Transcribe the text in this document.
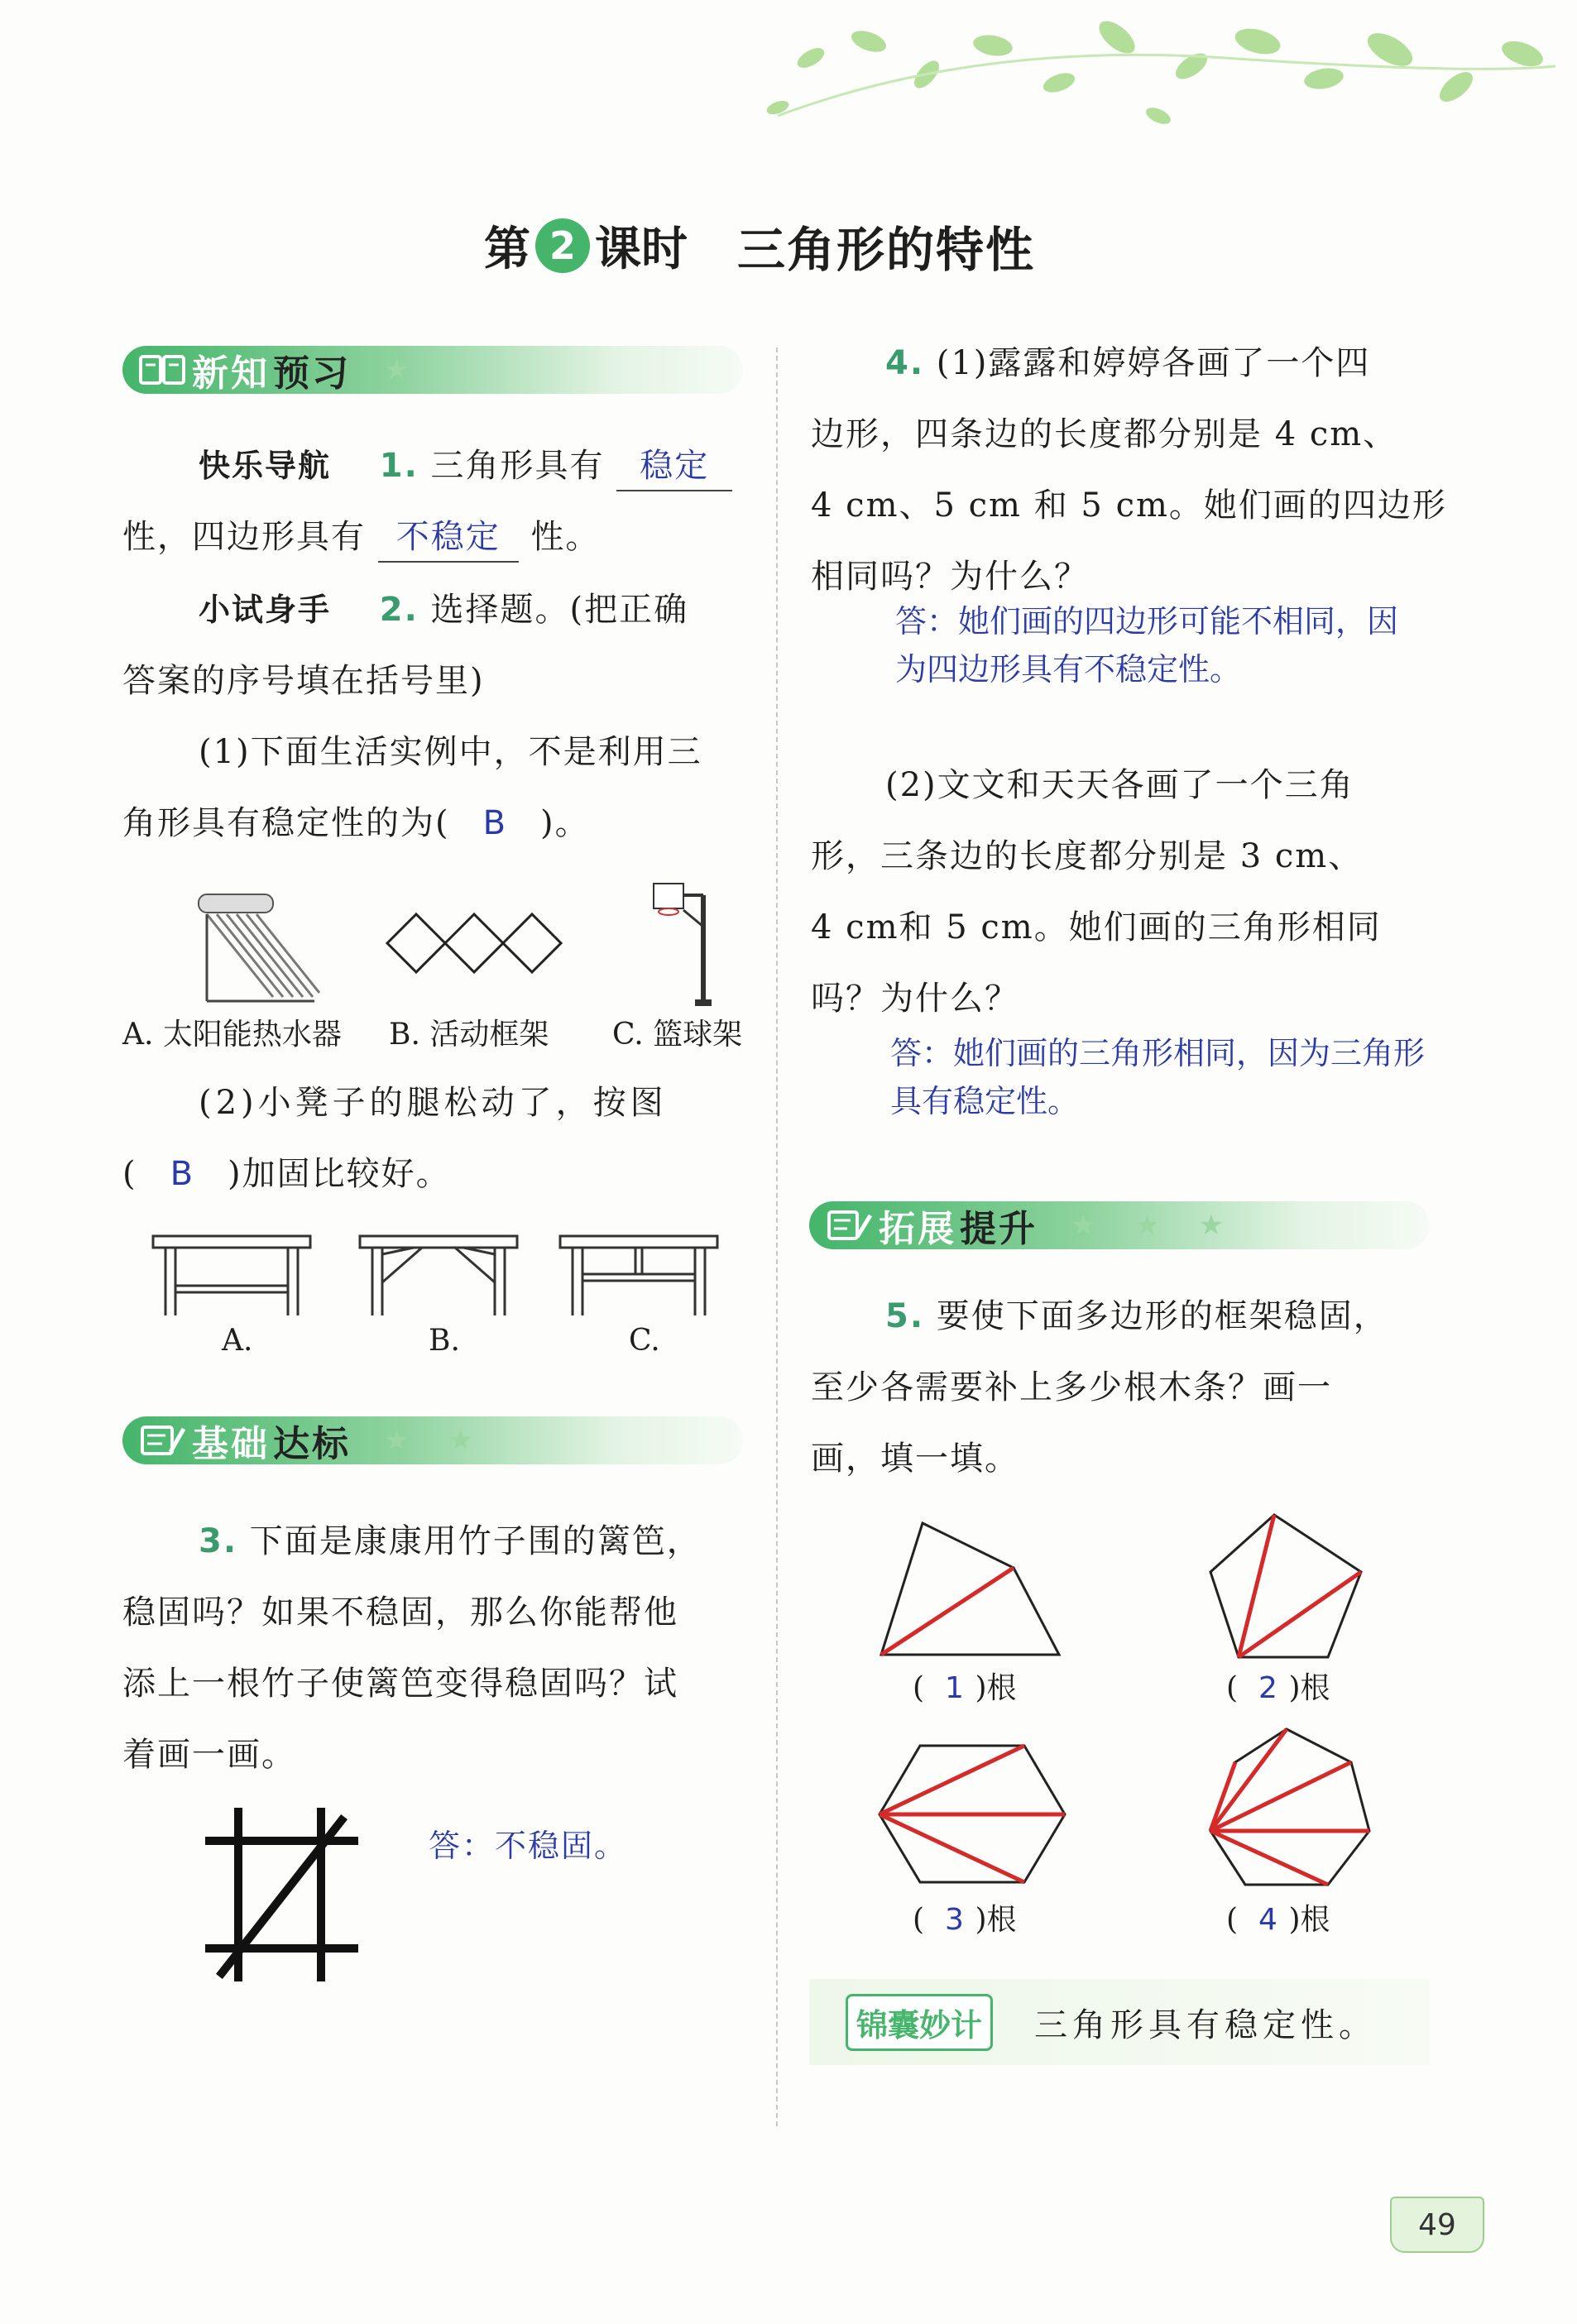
第 2 课时 三角形的特性
新知 预习 ★
快乐导航 1. 三角形具有 稳定
性，四边形具有 不稳定 性。
小试身手 2. 选择题。(把正确
答案的序号填在括号里)
(1)下面生活实例中，不是利用三
角形具有稳定性的为( B )。
A. 太阳能热水器 B. 活动框架 C. 篮球架
(2)小凳子的腿松动了，按图
( B )加固比较好。
A.	B.	C.
基础 达标 ★ ★
3. 下面是康康用竹子围的篱笆，
稳固吗？如果不稳固，那么你能帮他
添上一根竹子使篱笆变得稳固吗？试
着画一画。
答：不稳固。
4. (1)露露和婷婷各画了一个四
边形，四条边的长度都分别是 4 cm、
4 cm、5 cm 和 5 cm。她们画的四边形
相同吗？为什么？
答：她们画的四边形可能不相同，因
为四边形具有不稳定性。
(2)文文和天天各画了一个三角
形，三条边的长度都分别是 3 cm、
4 cm和 5 cm。她们画的三角形相同
吗？为什么？
答：她们画的三角形相同，因为三角形
具有稳定性。
拓展 提升 ★ ★ ★
5. 要使下面多边形的框架稳固，
至少各需要补上多少根木条？画一
画，填一填。
( 1 )根	( 2 )根
( 3 )根	( 4 )根
锦囊妙计	三角形具有稳定性。
49
